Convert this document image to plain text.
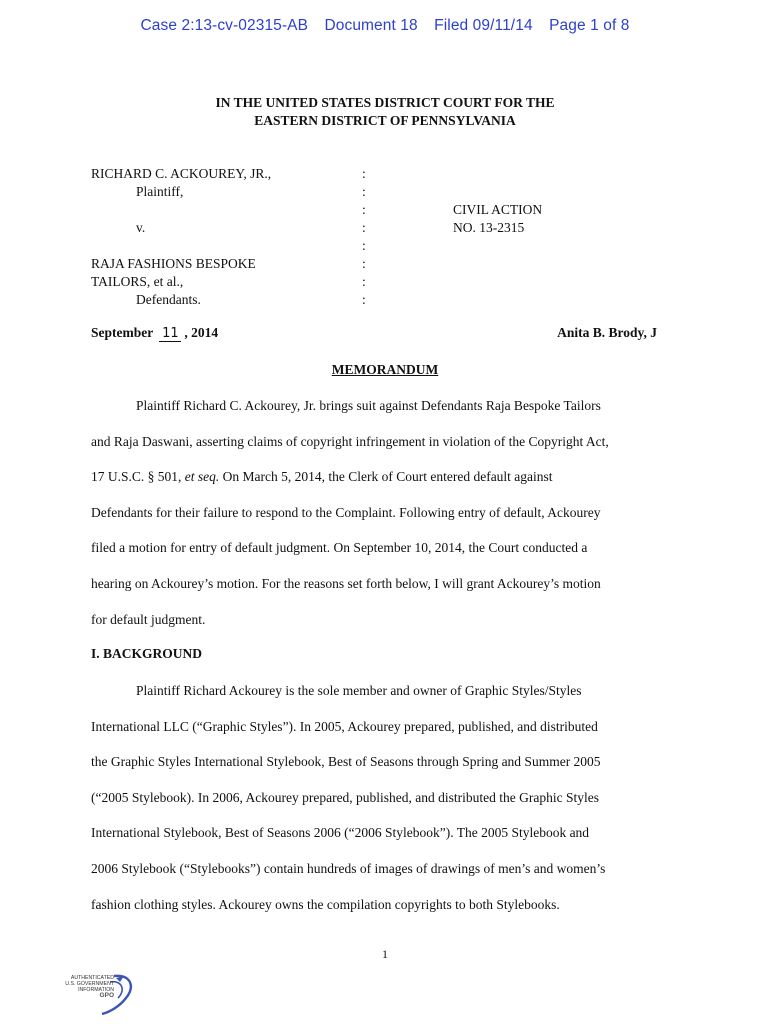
Case 2:13-cv-02315-AB Document 18 Filed 09/11/14 Page 1 of 8
IN THE UNITED STATES DISTRICT COURT FOR THE
EASTERN DISTRICT OF PENNSYLVANIA
RICHARD C. ACKOUREY, JR.,	:
Plaintiff,	:
:	CIVIL ACTION
v.	:	NO. 13-2315
:
RAJA FASHIONS BESPOKE	:
TAILORS, et al.,	:
Defendants.	:
September 11 , 2014	Anita B. Brody, J
MEMORANDUM
Plaintiff Richard C. Ackourey, Jr. brings suit against Defendants Raja Bespoke Tailors
and Raja Daswani, asserting claims of copyright infringement in violation of the Copyright Act,
17 U.S.C. § 501, et seq. On March 5, 2014, the Clerk of Court entered default against
Defendants for their failure to respond to the Complaint. Following entry of default, Ackourey
filed a motion for entry of default judgment. On September 10, 2014, the Court conducted a
hearing on Ackourey’s motion. For the reasons set forth below, I will grant Ackourey’s motion
for default judgment.
I. BACKGROUND
Plaintiff Richard Ackourey is the sole member and owner of Graphic Styles/Styles
International LLC (“Graphic Styles”). In 2005, Ackourey prepared, published, and distributed
the Graphic Styles International Stylebook, Best of Seasons through Spring and Summer 2005
(“2005 Stylebook). In 2006, Ackourey prepared, published, and distributed the Graphic Styles
International Stylebook, Best of Seasons 2006 (“2006 Stylebook”). The 2005 Stylebook and
2006 Stylebook (“Stylebooks”) contain hundreds of images of drawings of men’s and women’s
fashion clothing styles. Ackourey owns the compilation copyrights to both Stylebooks.
1
AUTHENTICATED
U.S. GOVERNMENT
INFORMATION
GPO
